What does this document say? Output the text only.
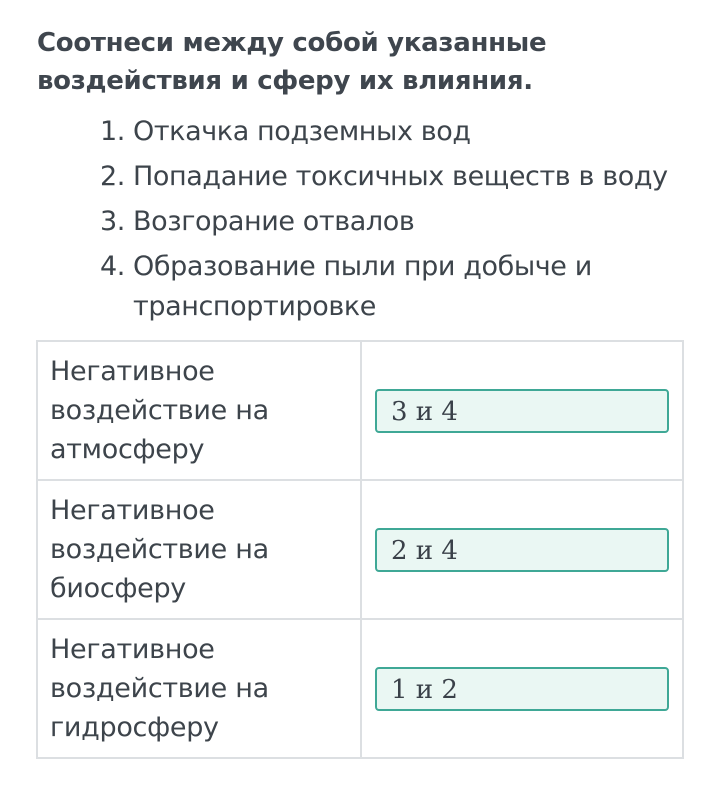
Соотнеси между собой указанные воздействия и сферу их влияния.
1. Откачка подземных вод
2. Попадание токсичных веществ в воду
3. Возгорание отвалов
4. Образование пыли при добыче и транспортировке
Негативное воздействие на атмосферу	3 и 4

Негативное воздействие на биосферу	2 и 4

Негативное воздействие на гидросферу	1 и 2
